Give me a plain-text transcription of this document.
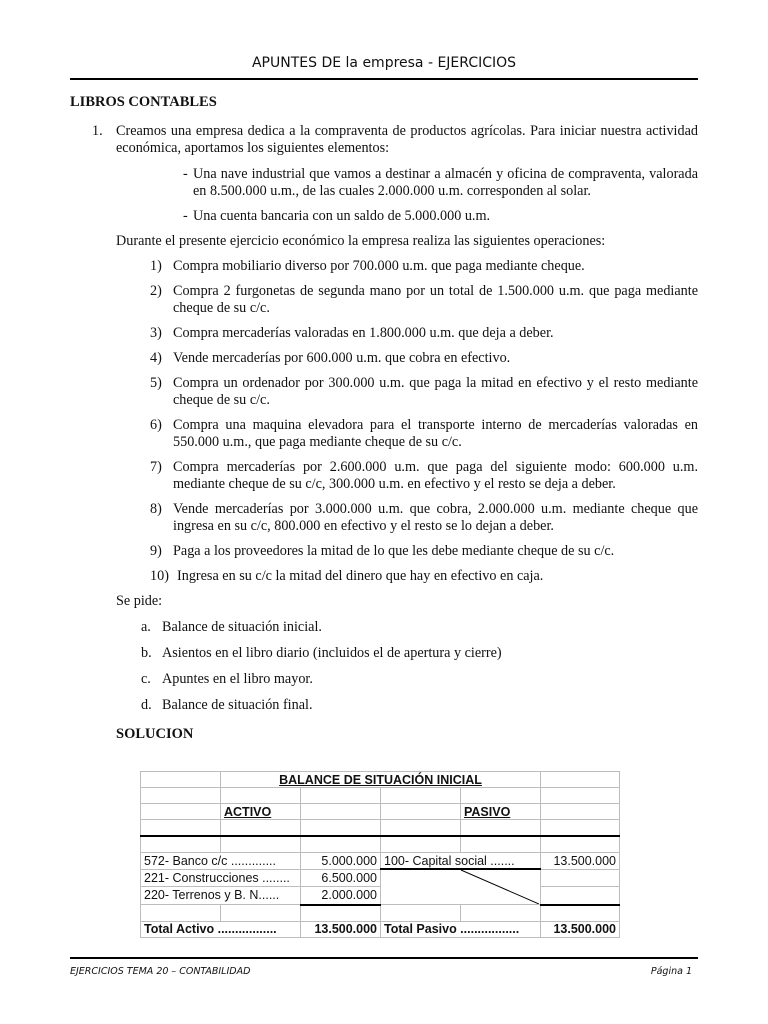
APUNTES DE la empresa - EJERCICIOS
LIBROS CONTABLES
1. Creamos una empresa dedica a la compraventa de productos agrícolas. Para iniciar nuestra actividad económica, aportamos los siguientes elementos:
- Una nave industrial que vamos a destinar a almacén y oficina de compraventa, valorada en 8.500.000 u.m., de las cuales 2.000.000 u.m. corresponden al solar.
- Una cuenta bancaria con un saldo de 5.000.000 u.m.
Durante el presente ejercicio económico la empresa realiza las siguientes operaciones:
1) Compra mobiliario diverso por 700.000 u.m. que paga mediante cheque.
2) Compra 2 furgonetas de segunda mano por un total de 1.500.000 u.m. que paga mediante cheque de su c/c.
3) Compra mercaderías valoradas en 1.800.000 u.m. que deja a deber.
4) Vende mercaderías por 600.000 u.m. que cobra en efectivo.
5) Compra un ordenador por 300.000 u.m. que paga la mitad en efectivo y el resto mediante cheque de su c/c.
6) Compra una maquina elevadora para el transporte interno de mercaderías valoradas en 550.000 u.m., que paga mediante cheque de su c/c.
7) Compra mercaderías por 2.600.000 u.m. que paga del siguiente modo: 600.000 u.m. mediante cheque de su c/c, 300.000 u.m. en efectivo y el resto se deja a deber.
8) Vende mercaderías por 3.000.000 u.m. que cobra, 2.000.000 u.m. mediante cheque que ingresa en su c/c, 800.000 en efectivo y el resto se lo dejan a deber.
9) Paga a los proveedores la mitad de lo que les debe mediante cheque de su c/c.
10) Ingresa en su c/c la mitad del dinero que hay en efectivo en caja.
Se pide:
a. Balance de situación inicial.
b. Asientos en el libro diario (incluidos el de apertura y cierre)
c. Apuntes en el libro mayor.
d. Balance de situación final.
SOLUCION
	BALANCE DE SITUACIÓN INICIAL				

	ACTIVO			PASIVO	

572- Banco c/c .............		5.000.000	100- Capital social .......		13.500.000
221- Construcciones ........		6.500.000	

220- Terrenos y B. N......		2.000.000			

Total Activo .................		13.500.000	Total Pasivo .................		13.500.000
EJERCICIOS TEMA 20 – CONTABILIDAD	Página 1
